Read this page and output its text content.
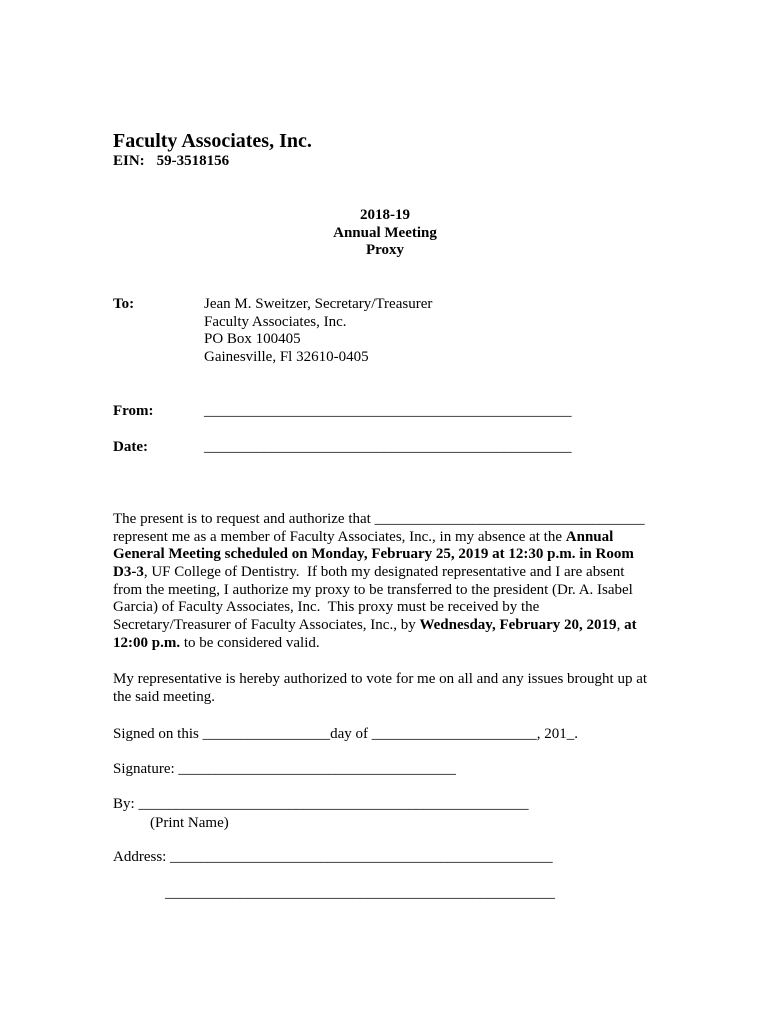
Faculty Associates, Inc.
EIN: 59-3518156
2018-19
Annual Meeting
Proxy
To:	Jean M. Sweitzer, Secretary/Treasurer
Faculty Associates, Inc.
PO Box 100405
Gainesville, Fl 32610-0405
From:	_________________________________________________
Date:	_________________________________________________
The present is to request and authorize that ____________________________________
represent me as a member of Faculty Associates, Inc., in my absence at the Annual
General Meeting scheduled on Monday, February 25, 2019 at 12:30 p.m. in Room
D3-3, UF College of Dentistry.  If both my designated representative and I are absent
from the meeting, I authorize my proxy to be transferred to the president (Dr. A. Isabel
Garcia) of Faculty Associates, Inc.  This proxy must be received by the
Secretary/Treasurer of Faculty Associates, Inc., by Wednesday, February 20, 2019, at
12:00 p.m. to be considered valid.
My representative is hereby authorized to vote for me on all and any issues brought up at
the said meeting.
Signed on this _________________day of ______________________, 201_.
Signature: _____________________________________
By: ____________________________________________________
(Print Name)
Address: ___________________________________________________
____________________________________________________
